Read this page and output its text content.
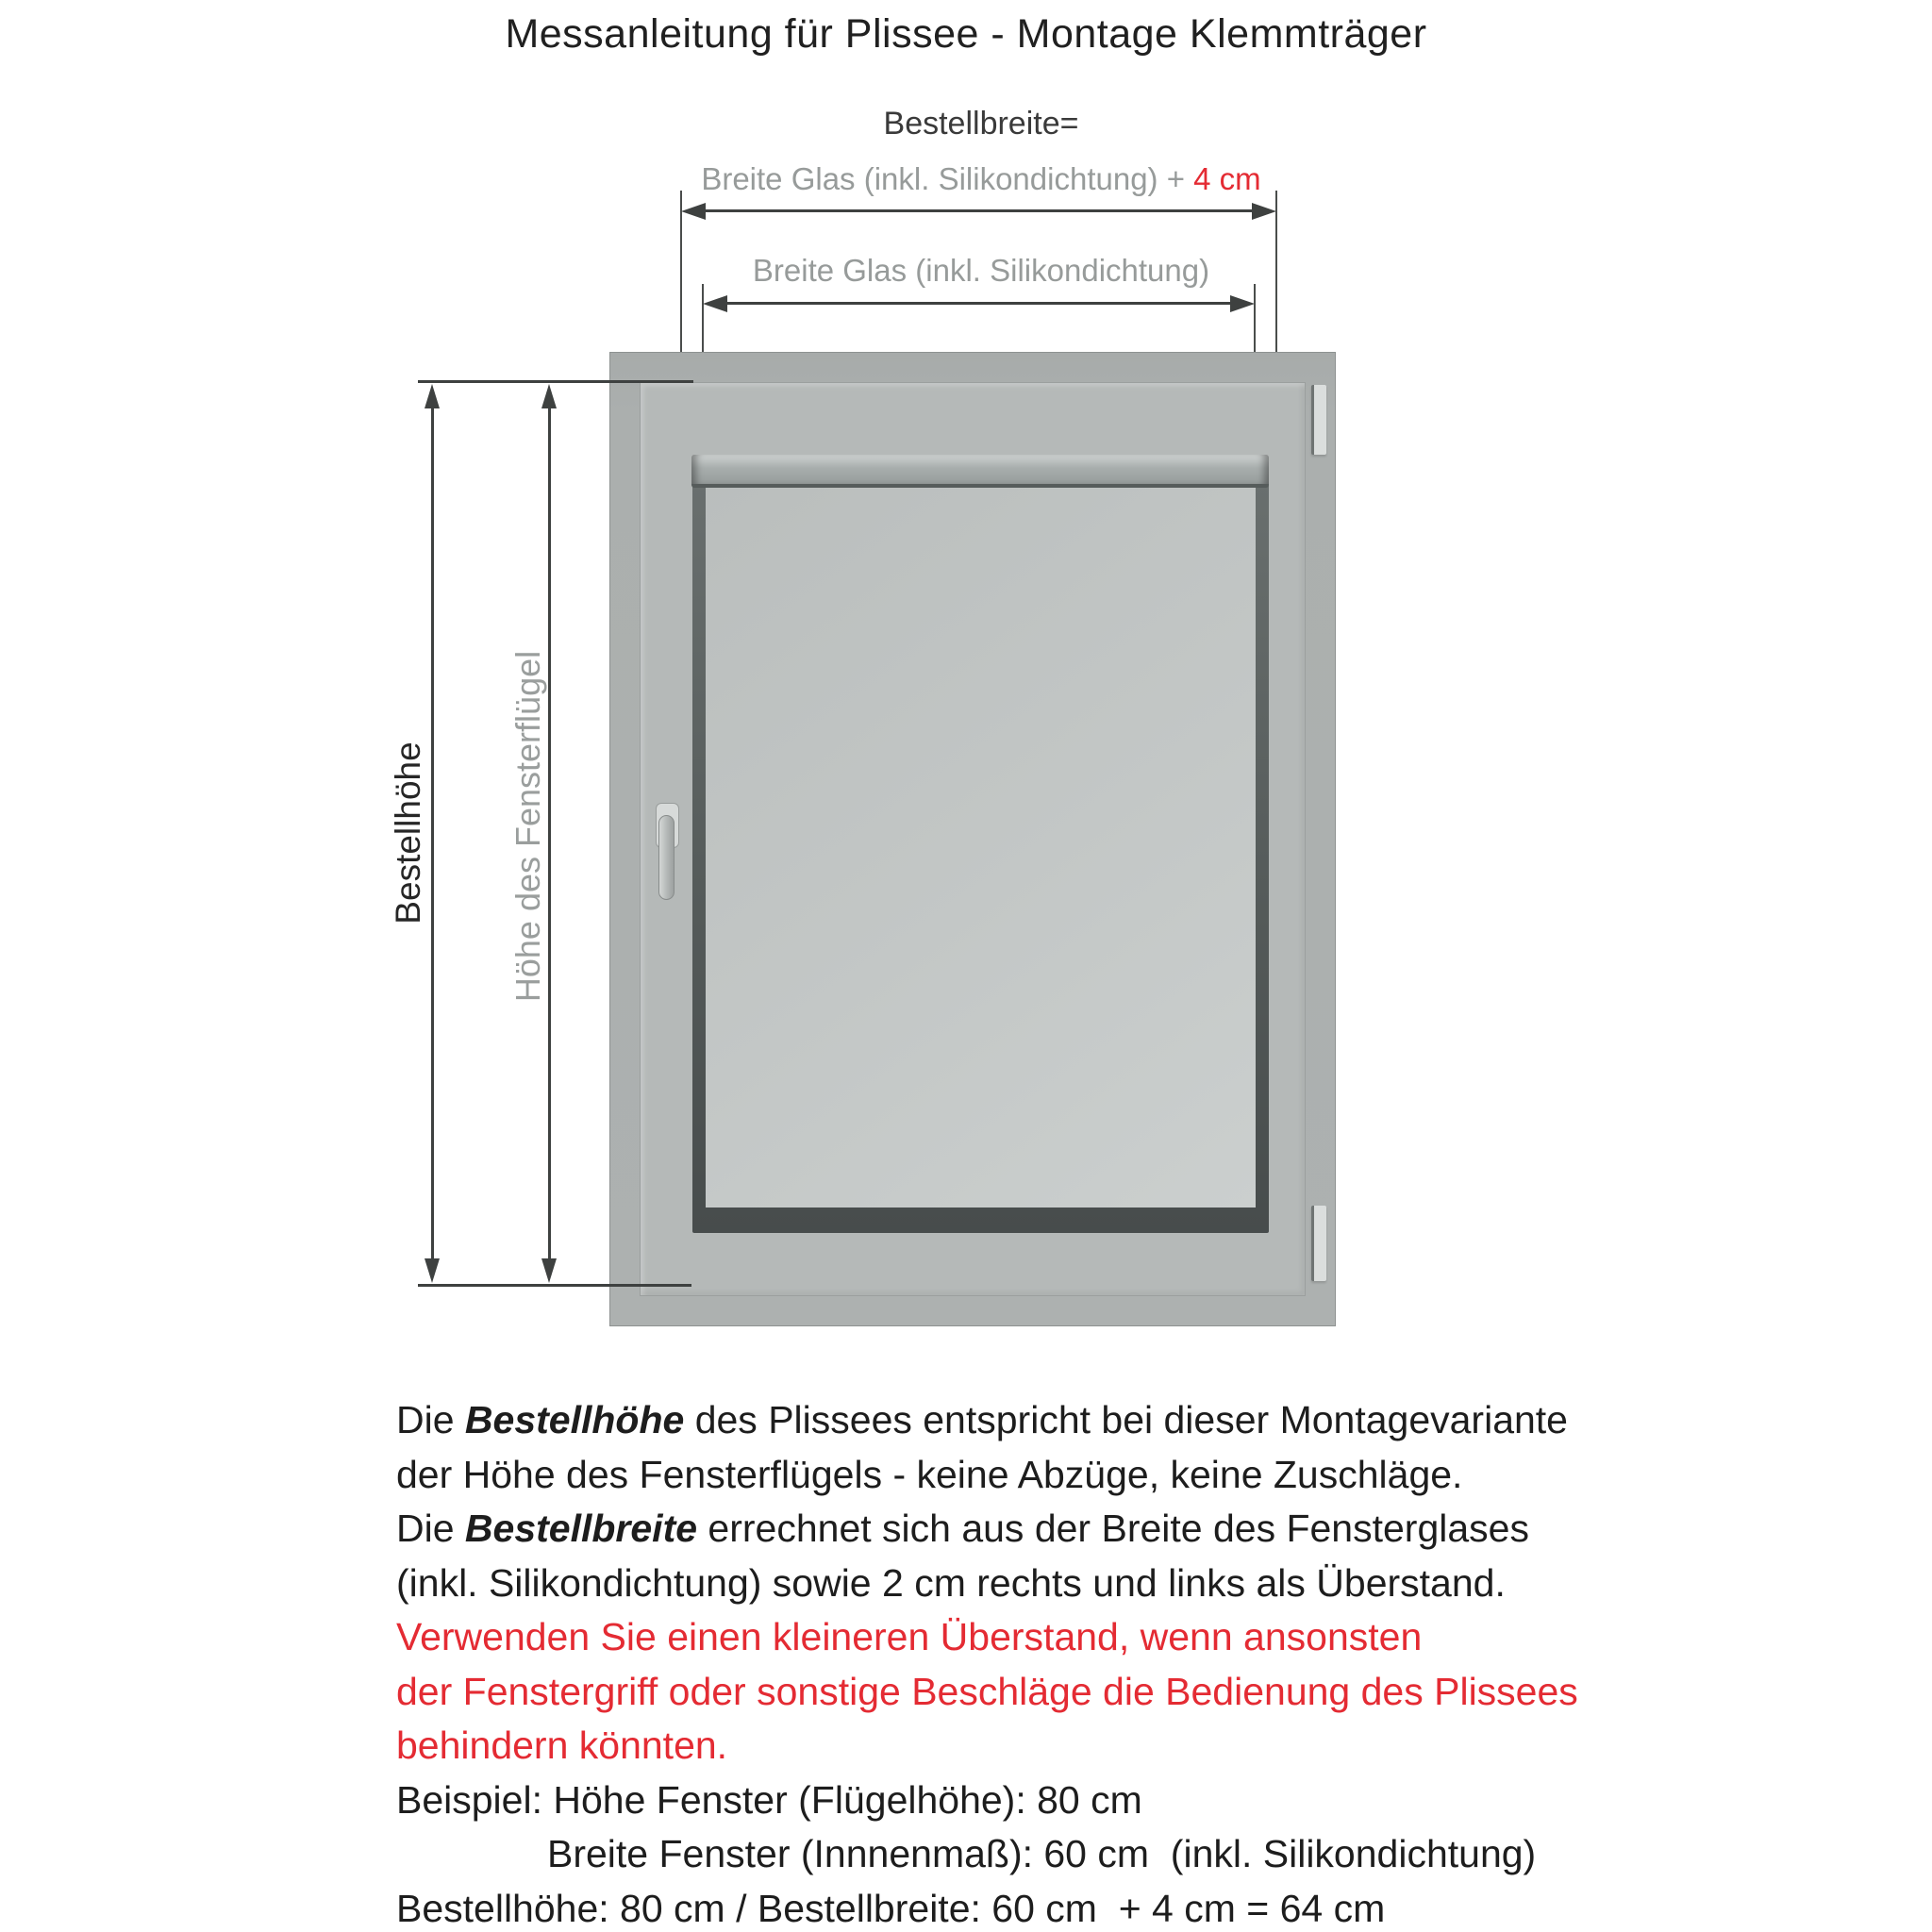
Messanleitung für Plissee - Montage Klemmträger
Bestellbreite=
Breite Glas (inkl. Silikondichtung) + 4 cm
Breite Glas (inkl. Silikondichtung)
Bestellhöhe Höhe des Fensterflügel
Die Bestellhöhe des Plissees entspricht bei dieser Montagevariante
der Höhe des Fensterflügels - keine Abzüge, keine Zuschläge.
Die Bestellbreite errechnet sich aus der Breite des Fensterglases
(inkl. Silikondichtung) sowie 2 cm rechts und links als Überstand.
Verwenden Sie einen kleineren Überstand, wenn ansonsten
der Fenstergriff oder sonstige Beschläge die Bedienung des Plissees
behindern könnten.
Beispiel: Höhe Fenster (Flügelhöhe): 80 cm
Breite Fenster (Innnenmaß): 60 cm  (inkl. Silikondichtung)
Bestellhöhe: 80 cm / Bestellbreite: 60 cm  + 4 cm = 64 cm
